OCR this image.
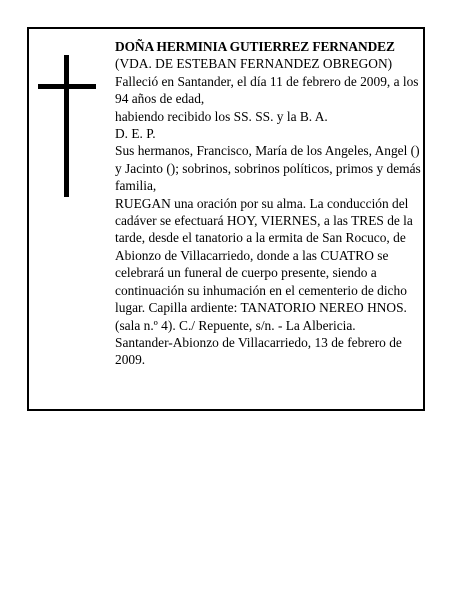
DOÑA HERMINIA GUTIERREZ FERNANDEZ

(VDA. DE ESTEBAN FERNANDEZ OBREGON)

Falleció en Santander, el día 11 de febrero de 2009, a los 94 años de edad,

habiendo recibido los SS. SS. y la B. A.

D. E. P.

Sus hermanos, Francisco, María de los Angeles, Angel () y Jacinto (); sobrinos, sobrinos políticos, primos y demás familia,

RUEGAN una oración por su alma. La conducción del cadáver se efectuará HOY, VIERNES, a las TRES de la tarde, desde el tanatorio a la ermita de San Rocuco, de Abionzo de Villacarriedo, donde a las CUATRO se celebrará un funeral de cuerpo presente, siendo a continuación su inhumación en el cementerio de dicho lugar. Capilla ardiente: TANATORIO NEREO HNOS. (sala n.º 4). C./ Repuente, s/n. - La Albericia.

Santander-Abionzo de Villacarriedo, 13 de febrero de 2009.
